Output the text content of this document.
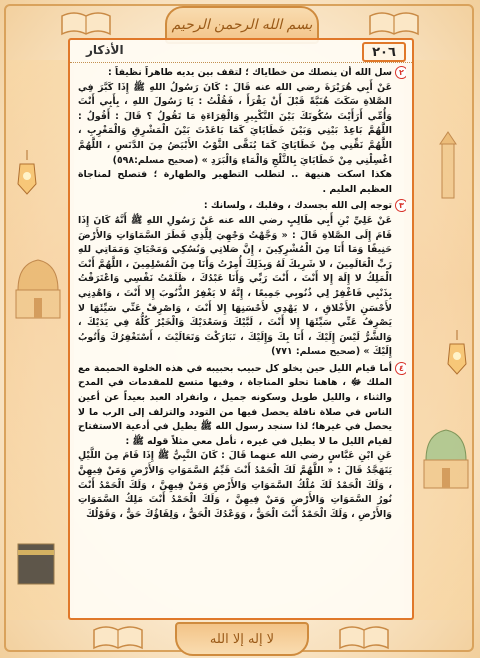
بسم الله الرحمن الرحيم
لا إله إلا الله
٢٠٦
الأذكار
٢

سل الله أن ينصلك من خطاياك ؛ لتقف بين يديه طاهراً نظيفاً :

عَنْ أَبِي هُرَيْرَةَ رضي الله عنه قَالَ : كَانَ رَسُولُ اللهِ ﷺ إِذَا كَبَّرَ فِي الصَّلاةِ سَكَتَ هُنَيَّةً قَبْلَ أَنْ يَقْرَأَ ، فَقُلْتُ : يَا رَسُولَ اللهِ ، بِأَبِي أَنْتَ وَأُمِّي أَرَأَيْتَ سُكُوتَكَ بَيْنَ التَّكْبِيرِ وَالْقِرَاءَةِ مَا تَقُولُ ؟ قَالَ : أَقُولُ : اللَّهُمَّ بَاعِدْ بَيْنِي وَبَيْنَ خَطَايَايَ كَمَا بَاعَدْتَ بَيْنَ الْمَشْرِقِ وَالْمَغْرِبِ ، اللَّهُمَّ نَقِّنِي مِنْ خَطَايَايَ كَمَا يُنَقَّى الثَّوْبُ الأَبْيَضُ مِنَ الدَّنَسِ ، اللَّهُمَّ اغْسِلْنِي مِنْ خَطَايَايَ بِالثَّلْجِ وَالْمَاءِ وَالْبَرَدِ » (صحيح مسلم:٥٩٨)

هكذا اسكت هنيهة .. لتطلب التطهير والطهارة ؛ فتصلح لمناجاة العظيم العليم .

٣

توجه إلى الله بجسدك ، وقلبك ، ولسانك :

عَنْ عَلِيِّ بْنِ أَبِي طَالِبٍ رضي الله عنه عَنْ رَسُولِ اللهِ ﷺ أَنَّهُ كَانَ إِذَا قَامَ إِلَى الصَّلاةِ قَالَ : « وَجَّهْتُ وَجْهِيَ لِلَّذِي فَطَرَ السَّمَاوَاتِ وَالأَرْضَ حَنِيفًا وَمَا أَنَا مِنَ الْمُشْرِكِينَ ، إِنَّ صَلاتِي وَنُسُكِي وَمَحْيَايَ وَمَمَاتِي للهِ رَبِّ الْعَالَمِينَ ، لا شَرِيكَ لَهُ وَبِذَلِكَ أُمِرْتُ وَأَنَا مِنَ الْمُسْلِمِينَ ، اللَّهُمَّ أَنْتَ الْمَلِكُ لا إِلَهَ إِلا أَنْتَ ، أَنْتَ رَبِّي وَأَنَا عَبْدُكَ ، ظَلَمْتُ نَفْسِي وَاعْتَرَفْتُ بِذَنْبِي فَاغْفِرْ لِي ذُنُوبِي جَمِيعًا ، إِنَّهُ لا يَغْفِرُ الذُّنُوبَ إِلا أَنْتَ ، وَاهْدِنِي لأَحْسَنِ الأَخْلاقِ ، لا يَهْدِي لأَحْسَنِهَا إِلا أَنْتَ ، وَاصْرِفْ عَنِّي سَيِّئَهَا لا يَصْرِفُ عَنِّي سَيِّئَهَا إِلا أَنْتَ ، لَبَّيْكَ وَسَعْدَيْكَ وَالْخَيْرُ كُلُّهُ فِي يَدَيْكَ ، وَالشَّرُّ لَيْسَ إِلَيْكَ ، أَنَا بِكَ وَإِلَيْكَ ، تَبَارَكْتَ وَتَعَالَيْتَ ، أَسْتَغْفِرُكَ وَأَتُوبُ إِلَيْكَ » (صحيح مسلم: ٧٧١)

٤

أما قيام الليل حين يخلو كل حبيب بحبيبه في هذه الخلوة الحميمة مع الملك ﷻ ، هاهنا تحلو المناجاة ، وفيها متسع للمقدمات في المدح والثناء ، والليل طويل وسكونه جميل ، وانفراد العبد بعيداً عن أعين الناس في صلاة نافلة يحصل فيها من التودد والتزلف إلى الرب ما لا يحصل في غيرها؛ لذا سنجد رسول الله ﷺ يطيل في أدعية الاستفتاح لقيام الليل ما لا يطيل في غيره ، تأمل معي مثلاً قوله ﷺ :

عَنِ ابْنِ عَبَّاسٍ رضي الله عنهما قَالَ : كَانَ النَّبِيُّ ﷺ إِذَا قَامَ مِنَ اللَّيْلِ يَتَهَجَّدُ قَالَ : « اللَّهُمَّ لَكَ الْحَمْدُ أَنْتَ قَيِّمُ السَّمَوَاتِ وَالأَرْضِ وَمَنْ فِيهِنَّ ، وَلَكَ الْحَمْدُ لَكَ مُلْكُ السَّمَوَاتِ وَالأَرْضِ وَمَنْ فِيهِنَّ ، وَلَكَ الْحَمْدُ أَنْتَ نُورُ السَّمَوَاتِ وَالأَرْضِ وَمَنْ فِيهِنَّ ، وَلَكَ الْحَمْدُ أَنْتَ مَلِكُ السَّمَوَاتِ وَالأَرْضِ ، وَلَكَ الْحَمْدُ أَنْتَ الْحَقُّ ، وَوَعْدُكَ الْحَقُّ ، وَلِقَاؤُكَ حَقٌّ ، وَقَوْلُكَ
